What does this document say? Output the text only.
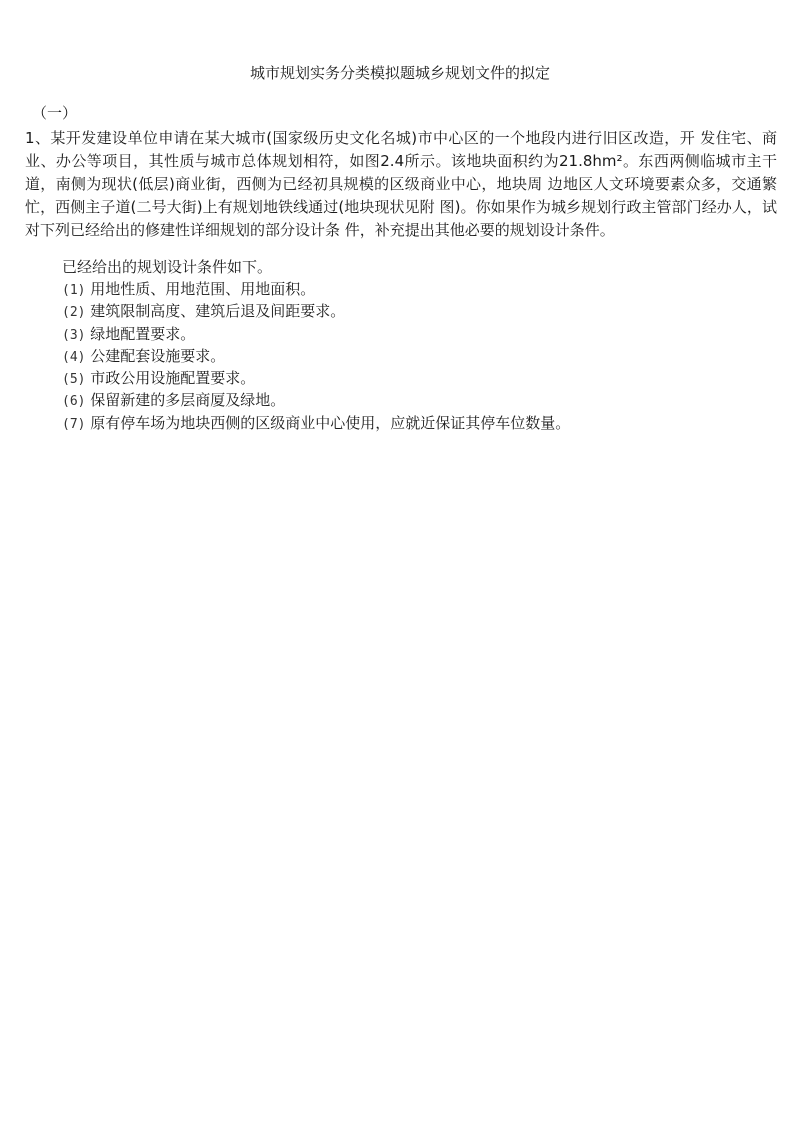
城市规划实务分类模拟题城乡规划文件的拟定
（一）
1、某开发建设单位申请在某大城市(国家级历史文化名城)市中心区的一个地段内进行旧区改造，开 发住宅、商业、办公等项目，其性质与城市总体规划相符，如图2.4所示。该地块面积约为21.8hm²。东西两侧临城市主干道，南侧为现状(低层)商业街，西侧为已经初具规模的区级商业中心，地块周 边地区人文环境要素众多，交通繁忙，西侧主子道(二号大街)上有规划地铁线通过(地块现状见附 图)。你如果作为城乡规划行政主管部门经办人，试对下列已经给出的修建性详细规划的部分设计条 件，补充提出其他必要的规划设计条件。
已经给出的规划设计条件如下。
(1) 用地性质、用地范围、用地面积。
(2) 建筑限制高度、建筑后退及间距要求。
(3) 绿地配置要求。
(4) 公建配套设施要求。
(5) 市政公用设施配置要求。
(6) 保留新建的多层商厦及绿地。
(7) 原有停车场为地块西侧的区级商业中心使用，应就近保证其停车位数量。
